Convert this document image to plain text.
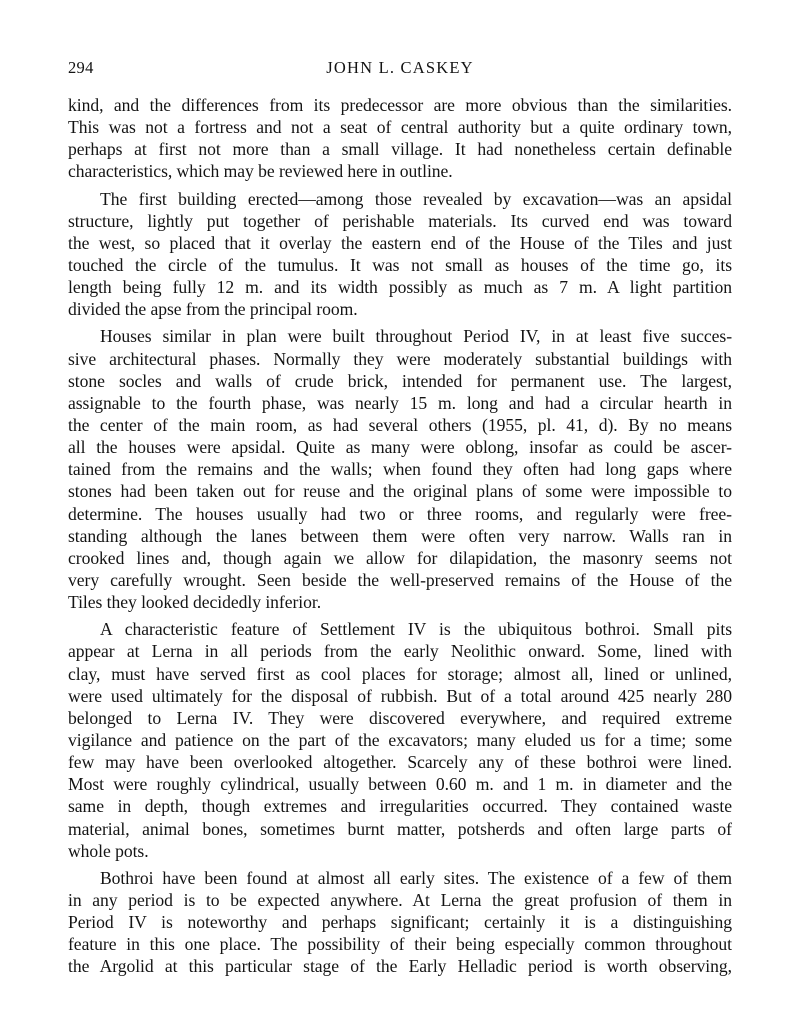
294	JOHN L. CASKEY
kind, and the differences from its predecessor are more obvious than the similarities.
This was not a fortress and not a seat of central authority but a quite ordinary town,
perhaps at first not more than a small village. It had nonetheless certain definable
characteristics, which may be reviewed here in outline.
The first building erected—among those revealed by excavation—was an apsidal
structure, lightly put together of perishable materials. Its curved end was toward
the west, so placed that it overlay the eastern end of the House of the Tiles and just
touched the circle of the tumulus. It was not small as houses of the time go, its
length being fully 12 m. and its width possibly as much as 7 m. A light partition
divided the apse from the principal room.
Houses similar in plan were built throughout Period IV, in at least five succes-
sive architectural phases. Normally they were moderately substantial buildings with
stone socles and walls of crude brick, intended for permanent use. The largest,
assignable to the fourth phase, was nearly 15 m. long and had a circular hearth in
the center of the main room, as had several others (1955, pl. 41, d). By no means
all the houses were apsidal. Quite as many were oblong, insofar as could be ascer-
tained from the remains and the walls; when found they often had long gaps where
stones had been taken out for reuse and the original plans of some were impossible to
determine. The houses usually had two or three rooms, and regularly were free-
standing although the lanes between them were often very narrow. Walls ran in
crooked lines and, though again we allow for dilapidation, the masonry seems not
very carefully wrought. Seen beside the well-preserved remains of the House of the
Tiles they looked decidedly inferior.
A characteristic feature of Settlement IV is the ubiquitous bothroi. Small pits
appear at Lerna in all periods from the early Neolithic onward. Some, lined with
clay, must have served first as cool places for storage; almost all, lined or unlined,
were used ultimately for the disposal of rubbish. But of a total around 425 nearly 280
belonged to Lerna IV. They were discovered everywhere, and required extreme
vigilance and patience on the part of the excavators; many eluded us for a time; some
few may have been overlooked altogether. Scarcely any of these bothroi were lined.
Most were roughly cylindrical, usually between 0.60 m. and 1 m. in diameter and the
same in depth, though extremes and irregularities occurred. They contained waste
material, animal bones, sometimes burnt matter, potsherds and often large parts of
whole pots.
Bothroi have been found at almost all early sites. The existence of a few of them
in any period is to be expected anywhere. At Lerna the great profusion of them in
Period IV is noteworthy and perhaps significant; certainly it is a distinguishing
feature in this one place. The possibility of their being especially common throughout
the Argolid at this particular stage of the Early Helladic period is worth observing,
